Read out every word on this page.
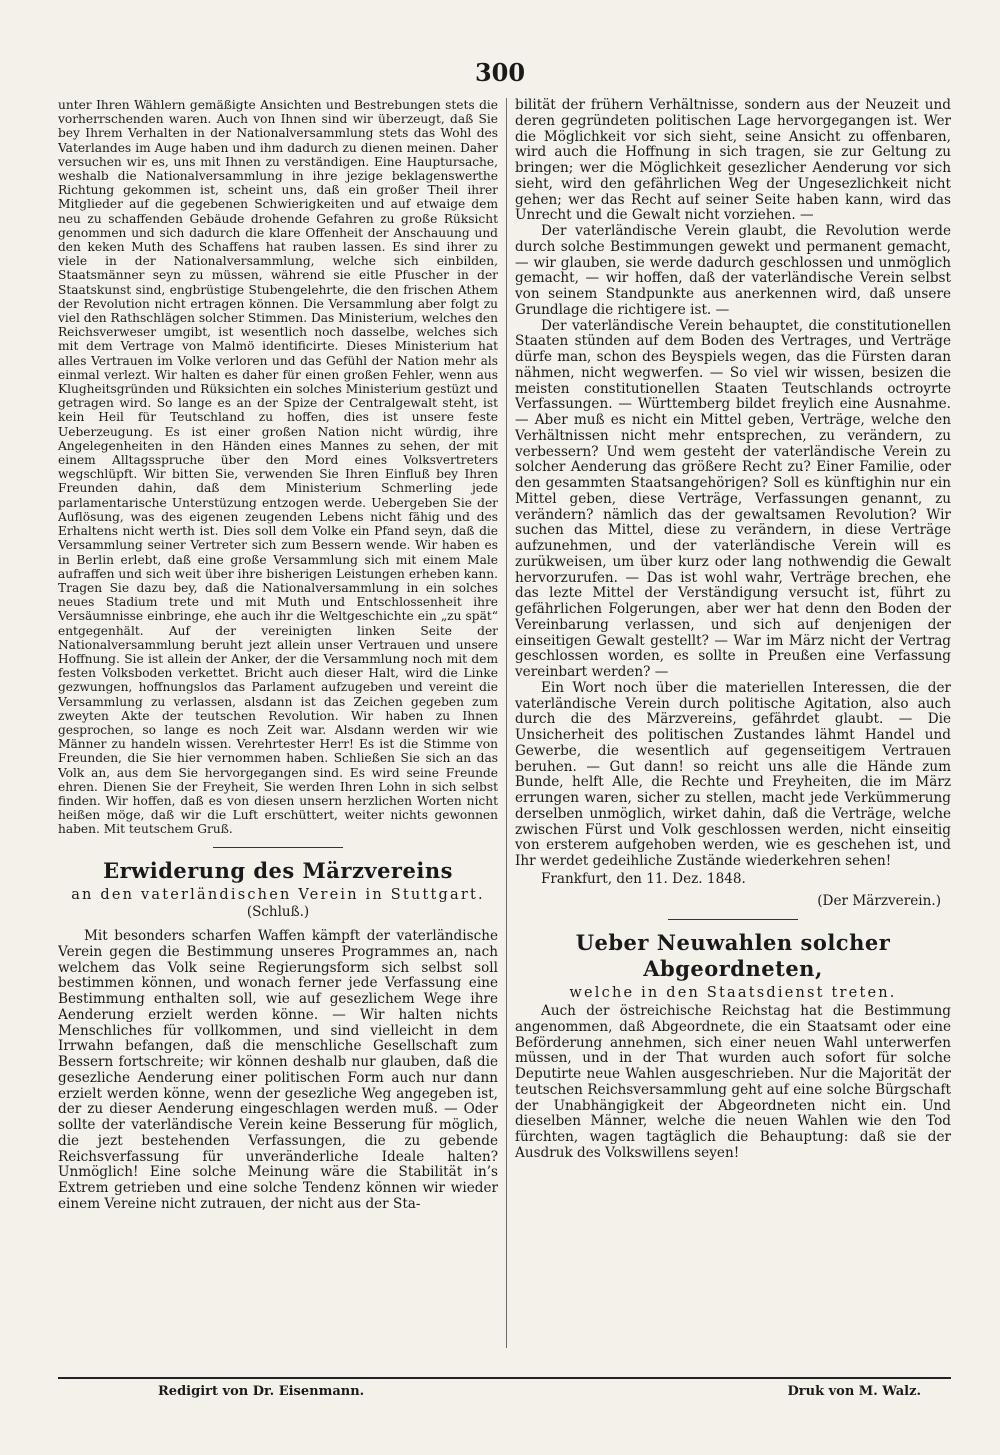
300

unter Ihren Wählern gemäßigte Ansichten und Bestrebungen stets die vorherrschenden waren. Auch von Ihnen sind wir überzeugt, daß Sie bey Ihrem Verhalten in der Nationalversammlung stets das Wohl des Vaterlandes im Auge haben und ihm dadurch zu dienen meinen. Daher versuchen wir es, uns mit Ihnen zu verständigen. Eine Hauptursache, weshalb die Nationalversammlung in ihre jezige beklagenswerthe Richtung gekommen ist, scheint uns, daß ein großer Theil ihrer Mitglieder auf die gegebenen Schwierigkeiten und auf etwaige dem neu zu schaffenden Gebäude drohende Gefahren zu große Rüksicht genommen und sich dadurch die klare Offenheit der Anschauung und den keken Muth des Schaffens hat rauben lassen. Es sind ihrer zu viele in der Nationalversammlung, welche sich einbilden, Staatsmänner seyn zu müssen, während sie eitle Pfuscher in der Staatskunst sind, engbrüstige Stubengelehrte, die den frischen Athem der Revolution nicht ertragen können. Die Versammlung aber folgt zu viel den Rathschlägen solcher Stimmen. Das Ministerium, welches den Reichsverweser umgibt, ist wesentlich noch dasselbe, welches sich mit dem Vertrage von Malmö identificirte. Dieses Ministerium hat alles Vertrauen im Volke verloren und das Gefühl der Nation mehr als einmal verlezt. Wir halten es daher für einen großen Fehler, wenn aus Klugheitsgründen und Rüksichten ein solches Ministerium gestüzt und getragen wird. So lange es an der Spize der Centralgewalt steht, ist kein Heil für Teutschland zu hoffen, dies ist unsere feste Ueberzeugung. Es ist einer großen Nation nicht würdig, ihre Angelegenheiten in den Händen eines Mannes zu sehen, der mit einem Alltagsspruche über den Mord eines Volksvertreters wegschlüpft. Wir bitten Sie, verwenden Sie Ihren Einfluß bey Ihren Freunden dahin, daß dem Ministerium Schmerling jede parlamentarische Unterstüzung entzogen werde. Uebergeben Sie der Auflösung, was des eigenen zeugenden Lebens nicht fähig und des Erhaltens nicht werth ist. Dies soll dem Volke ein Pfand seyn, daß die Versammlung seiner Vertreter sich zum Bessern wende. Wir haben es in Berlin erlebt, daß eine große Versammlung sich mit einem Male aufraffen und sich weit über ihre bisherigen Leistungen erheben kann. Tragen Sie dazu bey, daß die Nationalversammlung in ein solches neues Stadium trete und mit Muth und Entschlossenheit ihre Versäumnisse einbringe, ehe auch ihr die Weltgeschichte ein „zu spät“ entgegenhält. Auf der vereinigten linken Seite der Nationalversammlung beruht jezt allein unser Vertrauen und unsere Hoffnung. Sie ist allein der Anker, der die Versammlung noch mit dem festen Volksboden verkettet. Bricht auch dieser Halt, wird die Linke gezwungen, hoffnungslos das Parlament aufzugeben und vereint die Versammlung zu verlassen, alsdann ist das Zeichen gegeben zum zweyten Akte der teutschen Revolution. Wir haben zu Ihnen gesprochen, so lange es noch Zeit war. Alsdann werden wir wie Männer zu handeln wissen. Verehrtester Herr! Es ist die Stimme von Freunden, die Sie hier vernommen haben. Schließen Sie sich an das Volk an, aus dem Sie hervorgegangen sind. Es wird seine Freunde ehren. Dienen Sie der Freyheit, Sie werden Ihren Lohn in sich selbst finden. Wir hoffen, daß es von diesen unsern herzlichen Worten nicht heißen möge, daß wir die Luft erschüttert, weiter nichts gewonnen haben. Mit teutschem Gruß.

Erwiderung des Märzvereins
an den vaterländischen Verein in Stuttgart.
(Schluß.)

Mit besonders scharfen Waffen kämpft der vaterländische Verein gegen die Bestimmung unseres Programmes an, nach welchem das Volk seine Regierungsform sich selbst soll bestimmen können, und wonach ferner jede Verfassung eine Bestimmung enthalten soll, wie auf gesezlichem Wege ihre Aenderung erzielt werden könne. — Wir halten nichts Menschliches für vollkommen, und sind vielleicht in dem Irrwahn befangen, daß die menschliche Gesellschaft zum Bessern fortschreite; wir können deshalb nur glauben, daß die gesezliche Aenderung einer politischen Form auch nur dann erzielt werden könne, wenn der gesezliche Weg angegeben ist, der zu dieser Aenderung eingeschlagen werden muß. — Oder sollte der vaterländische Verein keine Besserung für möglich, die jezt bestehenden Verfassungen, die zu gebende Reichsverfassung für unveränderliche Ideale halten? Unmöglich! Eine solche Meinung wäre die Stabilität in’s Extrem getrieben und eine solche Tendenz können wir wieder einem Vereine nicht zutrauen, der nicht aus der Sta-

bilität der frühern Verhältnisse, sondern aus der Neuzeit und deren gegründeten politischen Lage hervorgegangen ist. Wer die Möglichkeit vor sich sieht, seine Ansicht zu offenbaren, wird auch die Hoffnung in sich tragen, sie zur Geltung zu bringen; wer die Möglichkeit gesezlicher Aenderung vor sich sieht, wird den gefährlichen Weg der Ungesezlichkeit nicht gehen; wer das Recht auf seiner Seite haben kann, wird das Unrecht und die Gewalt nicht vorziehen. —

Der vaterländische Verein glaubt, die Revolution werde durch solche Bestimmungen gewekt und permanent gemacht, — wir glauben, sie werde dadurch geschlossen und unmöglich gemacht, — wir hoffen, daß der vaterländische Verein selbst von seinem Standpunkte aus anerkennen wird, daß unsere Grundlage die richtigere ist. —

Der vaterländische Verein behauptet, die constitutionellen Staaten stünden auf dem Boden des Vertrages, und Verträge dürfe man, schon des Beyspiels wegen, das die Fürsten daran nähmen, nicht wegwerfen. — So viel wir wissen, besizen die meisten constitutionellen Staaten Teutschlands octroyrte Verfassungen. — Württemberg bildet freylich eine Ausnahme. — Aber muß es nicht ein Mittel geben, Verträge, welche den Verhältnissen nicht mehr entsprechen, zu verändern, zu verbessern? Und wem gesteht der vaterländische Verein zu solcher Aenderung das größere Recht zu? Einer Familie, oder den gesammten Staatsangehörigen? Soll es künftighin nur ein Mittel geben, diese Verträge, Verfassungen genannt, zu verändern? nämlich das der gewaltsamen Revolution? Wir suchen das Mittel, diese zu verändern, in diese Verträge aufzunehmen, und der vaterländische Verein will es zurükweisen, um über kurz oder lang nothwendig die Gewalt hervorzurufen. — Das ist wohl wahr, Verträge brechen, ehe das lezte Mittel der Verständigung versucht ist, führt zu gefährlichen Folgerungen, aber wer hat denn den Boden der Vereinbarung verlassen, und sich auf denjenigen der einseitigen Gewalt gestellt? — War im März nicht der Vertrag geschlossen worden, es sollte in Preußen eine Verfassung vereinbart werden? —

Ein Wort noch über die materiellen Interessen, die der vaterländische Verein durch politische Agitation, also auch durch die des Märzvereins, gefährdet glaubt. — Die Unsicherheit des politischen Zustandes lähmt Handel und Gewerbe, die wesentlich auf gegenseitigem Vertrauen beruhen. — Gut dann! so reicht uns alle die Hände zum Bunde, helft Alle, die Rechte und Freyheiten, die im März errungen waren, sicher zu stellen, macht jede Verkümmerung derselben unmöglich, wirket dahin, daß die Verträge, welche zwischen Fürst und Volk geschlossen werden, nicht einseitig von ersterem aufgehoben werden, wie es geschehen ist, und Ihr werdet gedeihliche Zustände wiederkehren sehen!

Frankfurt, den 11. Dez. 1848.

(Der Märzverein.)

Ueber Neuwahlen solcher Abgeordneten,
welche in den Staatsdienst treten.

Auch der östreichische Reichstag hat die Bestimmung angenommen, daß Abgeordnete, die ein Staatsamt oder eine Beförderung annehmen, sich einer neuen Wahl unterwerfen müssen, und in der That wurden auch sofort für solche Deputirte neue Wahlen ausgeschrieben. Nur die Majorität der teutschen Reichsversammlung geht auf eine solche Bürgschaft der Unabhängigkeit der Abgeordneten nicht ein. Und dieselben Männer, welche die neuen Wahlen wie den Tod fürchten, wagen tagtäglich die Behauptung: daß sie der Ausdruk des Volkswillens seyen!

Redigirt von Dr. Eisenmann.	Druk von M. Walz.
